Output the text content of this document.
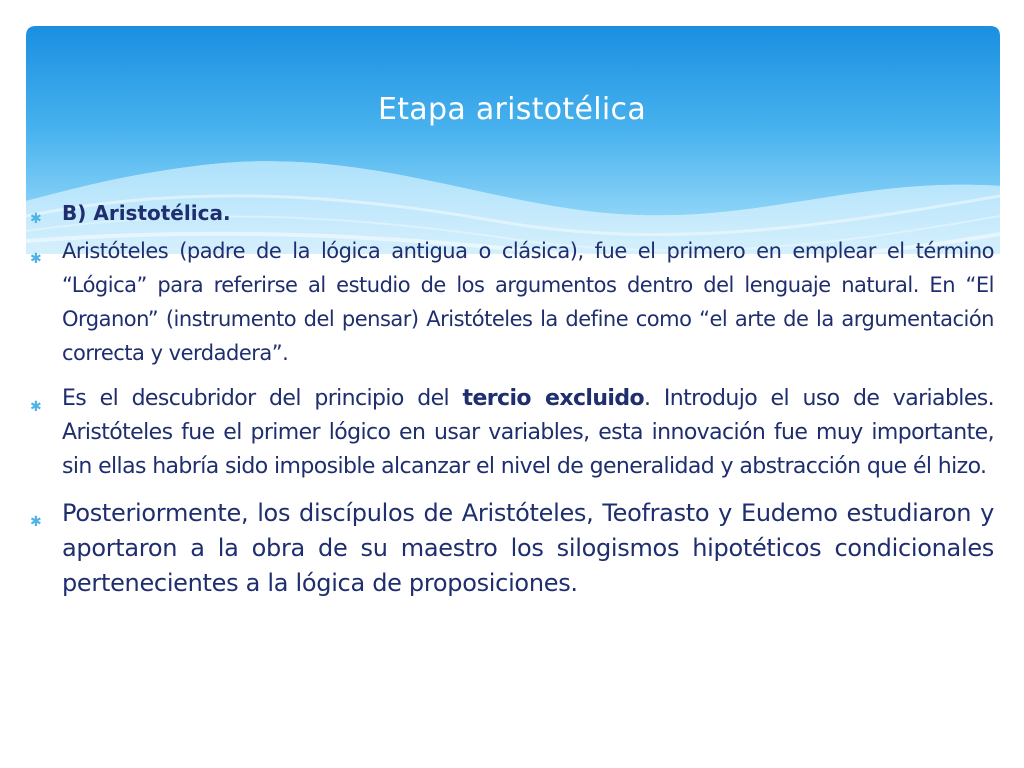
Etapa aristotélica
✱ B) Aristotélica.
✱ Aristóteles (padre de la lógica antigua o clásica), fue el primero en emplear el término “Lógica” para referirse al estudio de los argumentos dentro del lenguaje natural. En “El Organon” (instrumento del pensar) Aristóteles la define como “el arte de la argumentación correcta y verdadera”.
✱ Es el descubridor del principio del tercio excluido. Introdujo el uso de variables. Aristóteles fue el primer lógico en usar variables, esta innovación fue muy importante, sin ellas habría sido imposible alcanzar el nivel de generalidad y abstracción que él hizo.
✱ Posteriormente, los discípulos de Aristóteles, Teofrasto y Eudemo estudiaron y aportaron a la obra de su maestro los silogismos hipotéticos condicionales pertenecientes a la lógica de proposiciones.
